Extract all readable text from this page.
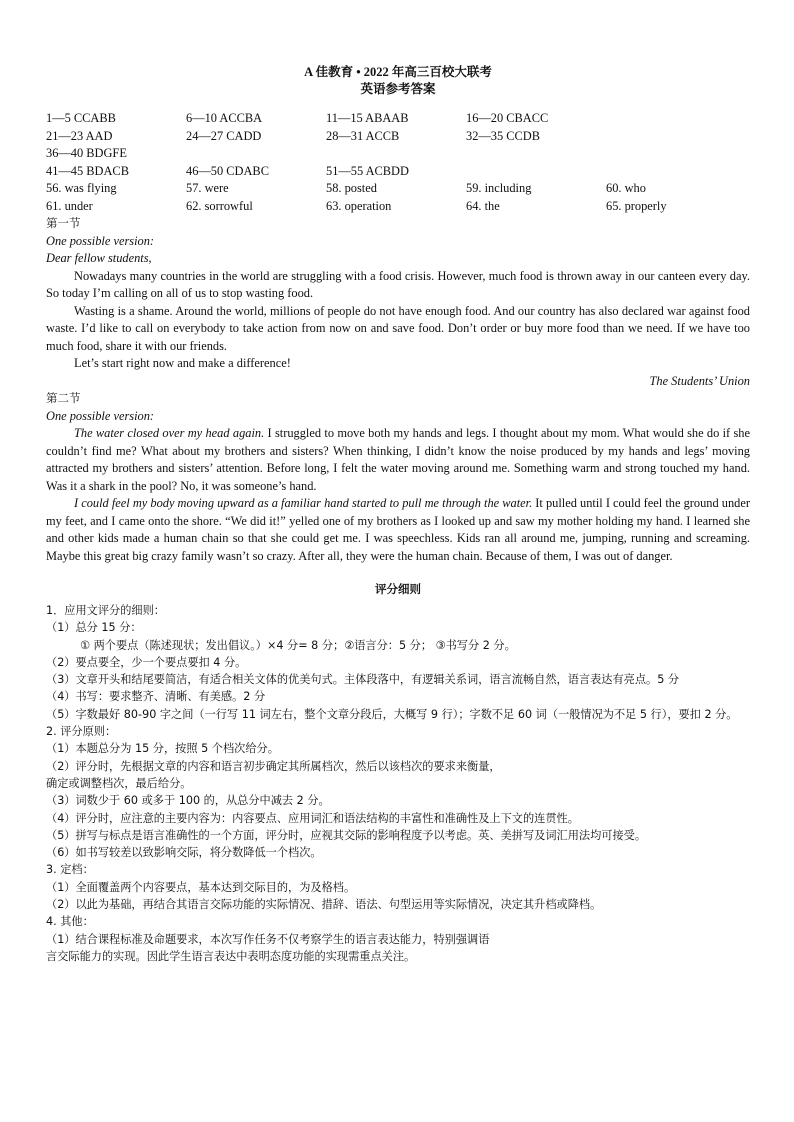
A 佳教育 • 2022 年高三百校大联考
英语参考答案
1—5 CCABB	6—10 ACCBA	11—15 ABAAB	16—20 CBACC
21—23 AAD	24—27 CADD	28—31 ACCB	32—35 CCDB
36—40 BDGFE
41—45 BDACB	46—50 CDABC	51—55 ACBDD
56. was flying	57. were	58. posted	59. including	60. who
61. under	62. sorrowful	63. operation	64. the	65. properly
第一节
One possible version:
Dear fellow students,

Nowadays many countries in the world are struggling with a food crisis. However, much food is thrown away in our canteen every day. So today I’m calling on all of us to stop wasting food.

Wasting is a shame. Around the world, millions of people do not have enough food. And our country has also declared war against food waste. I’d like to call on everybody to take action from now on and save food. Don’t order or buy more food than we need. If we have too much food, share it with our friends.

Let’s start right now and make a difference!

The Students’ Union
第二节
One possible version:

The water closed over my head again. I struggled to move both my hands and legs. I thought about my mom. What would she do if she couldn’t find me? What about my brothers and sisters? When thinking, I didn’t know the noise produced by my hands and legs’ moving attracted my brothers and sisters’ attention. Before long, I felt the water moving around me. Something warm and strong touched my hand. Was it a shark in the pool? No, it was someone’s hand.

I could feel my body moving upward as a familiar hand started to pull me through the water. It pulled until I could feel the ground under my feet, and I came onto the shore. “We did it!” yelled one of my brothers as I looked up and saw my mother holding my hand. I learned she and other kids made a human chain so that she could get me. I was speechless. Kids ran all around me, jumping, running and screaming. Maybe this great big crazy family wasn’t so crazy. After all, they were the human chain. Because of them, I was out of danger.

评分细则

1．应用文评分的细则：

（1）总分 15 分：

① 两个要点（陈述现状；发出倡议。）×4 分= 8 分；②语言分：5 分； ③书写分 2 分。

（2）要点要全，少一个要点要扣 4 分。

（3）文章开头和结尾要简洁，有适合相关文体的优美句式。主体段落中，有逻辑关系词，语言流畅自然，语言表达有亮点。5 分

（4）书写：要求整齐、清晰、有美感。2 分

（5）字数最好 80-90 字之间（一行写 11 词左右，整个文章分段后，大概写 9 行）；字数不足 60 词（一般情况为不足 5 行），要扣 2 分。

2. 评分原则：

（1）本题总分为 15 分，按照 5 个档次给分。

（2）评分时，先根据文章的内容和语言初步确定其所属档次，然后以该档次的要求来衡量，

确定或调整档次，最后给分。

（3）词数少于 60 或多于 100 的，从总分中减去 2 分。

（4）评分时，应注意的主要内容为：内容要点、应用词汇和语法结构的丰富性和准确性及上下文的连贯性。

（5）拼写与标点是语言准确性的一个方面，评分时，应视其交际的影响程度予以考虑。英、美拼写及词汇用法均可接受。

（6）如书写较差以致影响交际，将分数降低一个档次。

3. 定档：

（1）全面覆盖两个内容要点，基本达到交际目的，为及格档。

（2）以此为基础，再结合其语言交际功能的实际情况、措辞、语法、句型运用等实际情况，决定其升档或降档。

4. 其他：

（1）结合课程标准及命题要求，本次写作任务不仅考察学生的语言表达能力，特别强调语

言交际能力的实现。因此学生语言表达中表明态度功能的实现需重点关注。
